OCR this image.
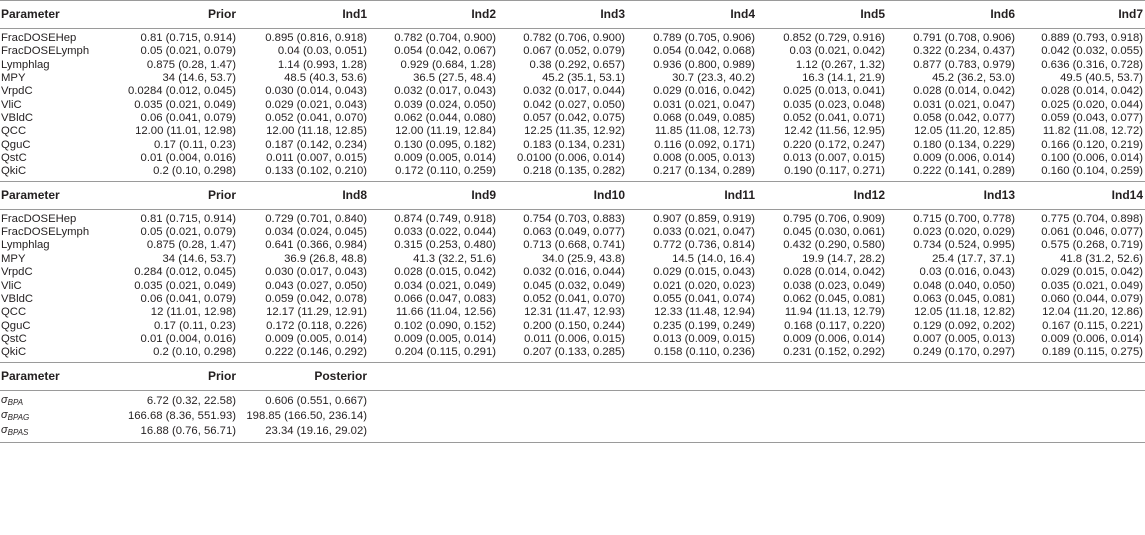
Parameter	Prior	Ind1	Ind2	Ind3	Ind4	Ind5	Ind6	Ind7
FracDOSEHep	0.81 (0.715, 0.914)	0.895 (0.816, 0.918)	0.782 (0.704, 0.900)	0.782 (0.706, 0.900)	0.789 (0.705, 0.906)	0.852 (0.729, 0.916)	0.791 (0.708, 0.906)	0.889 (0.793, 0.918)
FracDOSELymph	0.05 (0.021, 0.079)	0.04 (0.03, 0.051)	0.054 (0.042, 0.067)	0.067 (0.052, 0.079)	0.054 (0.042, 0.068)	0.03 (0.021, 0.042)	0.322 (0.234, 0.437)	0.042 (0.032, 0.055)
Lymphlag	0.875 (0.28, 1.47)	1.14 (0.993, 1.28)	0.929 (0.684, 1.28)	0.38 (0.292, 0.657)	0.936 (0.800, 0.989)	1.12 (0.267, 1.32)	0.877 (0.783, 0.979)	0.636 (0.316, 0.728)
MPY	34 (14.6, 53.7)	48.5 (40.3, 53.6)	36.5 (27.5, 48.4)	45.2 (35.1, 53.1)	30.7 (23.3, 40.2)	16.3 (14.1, 21.9)	45.2 (36.2, 53.0)	49.5 (40.5, 53.7)
VrpdC	0.0284 (0.012, 0.045)	0.030 (0.014, 0.043)	0.032 (0.017, 0.043)	0.032 (0.017, 0.044)	0.029 (0.016, 0.042)	0.025 (0.013, 0.041)	0.028 (0.014, 0.042)	0.028 (0.014, 0.042)
VliC	0.035 (0.021, 0.049)	0.029 (0.021, 0.043)	0.039 (0.024, 0.050)	0.042 (0.027, 0.050)	0.031 (0.021, 0.047)	0.035 (0.023, 0.048)	0.031 (0.021, 0.047)	0.025 (0.020, 0.044)
VBldC	0.06 (0.041, 0.079)	0.052 (0.041, 0.070)	0.062 (0.044, 0.080)	0.057 (0.042, 0.075)	0.068 (0.049, 0.085)	0.052 (0.041, 0.071)	0.058 (0.042, 0.077)	0.059 (0.043, 0.077)
QCC	12.00 (11.01, 12.98)	12.00 (11.18, 12.85)	12.00 (11.19, 12.84)	12.25 (11.35, 12.92)	11.85 (11.08, 12.73)	12.42 (11.56, 12.95)	12.05 (11.20, 12.85)	11.82 (11.08, 12.72)
QguC	0.17 (0.11, 0.23)	0.187 (0.142, 0.234)	0.130 (0.095, 0.182)	0.183 (0.134, 0.231)	0.116 (0.092, 0.171)	0.220 (0.172, 0.247)	0.180 (0.134, 0.229)	0.166 (0.120, 0.219)
QstC	0.01 (0.004, 0.016)	0.011 (0.007, 0.015)	0.009 (0.005, 0.014)	0.0100 (0.006, 0.014)	0.008 (0.005, 0.013)	0.013 (0.007, 0.015)	0.009 (0.006, 0.014)	0.100 (0.006, 0.014)
QkiC	0.2 (0.10, 0.298)	0.133 (0.102, 0.210)	0.172 (0.110, 0.259)	0.218 (0.135, 0.282)	0.217 (0.134, 0.289)	0.190 (0.117, 0.271)	0.222 (0.141, 0.289)	0.160 (0.104, 0.259)
Parameter	Prior	Ind8	Ind9	Ind10	Ind11	Ind12	Ind13	Ind14
FracDOSEHep	0.81 (0.715, 0.914)	0.729 (0.701, 0.840)	0.874 (0.749, 0.918)	0.754 (0.703, 0.883)	0.907 (0.859, 0.919)	0.795 (0.706, 0.909)	0.715 (0.700, 0.778)	0.775 (0.704, 0.898)
FracDOSELymph	0.05 (0.021, 0.079)	0.034 (0.024, 0.045)	0.033 (0.022, 0.044)	0.063 (0.049, 0.077)	0.033 (0.021, 0.047)	0.045 (0.030, 0.061)	0.023 (0.020, 0.029)	0.061 (0.046, 0.077)
Lymphlag	0.875 (0.28, 1.47)	0.641 (0.366, 0.984)	0.315 (0.253, 0.480)	0.713 (0.668, 0.741)	0.772 (0.736, 0.814)	0.432 (0.290, 0.580)	0.734 (0.524, 0.995)	0.575 (0.268, 0.719)
MPY	34 (14.6, 53.7)	36.9 (26.8, 48.8)	41.3 (32.2, 51.6)	34.0 (25.9, 43.8)	14.5 (14.0, 16.4)	19.9 (14.7, 28.2)	25.4 (17.7, 37.1)	41.8 (31.2, 52.6)
VrpdC	0.284 (0.012, 0.045)	0.030 (0.017, 0.043)	0.028 (0.015, 0.042)	0.032 (0.016, 0.044)	0.029 (0.015, 0.043)	0.028 (0.014, 0.042)	0.03 (0.016, 0.043)	0.029 (0.015, 0.042)
VliC	0.035 (0.021, 0.049)	0.043 (0.027, 0.050)	0.034 (0.021, 0.049)	0.045 (0.032, 0.049)	0.021 (0.020, 0.023)	0.038 (0.023, 0.049)	0.048 (0.040, 0.050)	0.035 (0.021, 0.049)
VBldC	0.06 (0.041, 0.079)	0.059 (0.042, 0.078)	0.066 (0.047, 0.083)	0.052 (0.041, 0.070)	0.055 (0.041, 0.074)	0.062 (0.045, 0.081)	0.063 (0.045, 0.081)	0.060 (0.044, 0.079)
QCC	12 (11.01, 12.98)	12.17 (11.29, 12.91)	11.66 (11.04, 12.56)	12.31 (11.47, 12.93)	12.33 (11.48, 12.94)	11.94 (11.13, 12.79)	12.05 (11.18, 12.82)	12.04 (11.20, 12.86)
QguC	0.17 (0.11, 0.23)	0.172 (0.118, 0.226)	0.102 (0.090, 0.152)	0.200 (0.150, 0.244)	0.235 (0.199, 0.249)	0.168 (0.117, 0.220)	0.129 (0.092, 0.202)	0.167 (0.115, 0.221)
QstC	0.01 (0.004, 0.016)	0.009 (0.005, 0.014)	0.009 (0.005, 0.014)	0.011 (0.006, 0.015)	0.013 (0.009, 0.015)	0.009 (0.006, 0.014)	0.007 (0.005, 0.013)	0.009 (0.006, 0.014)
QkiC	0.2 (0.10, 0.298)	0.222 (0.146, 0.292)	0.204 (0.115, 0.291)	0.207 (0.133, 0.285)	0.158 (0.110, 0.236)	0.231 (0.152, 0.292)	0.249 (0.170, 0.297)	0.189 (0.115, 0.275)
Parameter	Prior	Posterior	
$\sigma_{BPA}$	6.72 (0.32, 22.58)	0.606 (0.551, 0.667)	
$\sigma_{BPAG}$	166.68 (8.36, 551.93)	198.85 (166.50, 236.14)	
$\sigma_{BPAS}$	16.88 (0.76, 56.71)	23.34 (19.16, 29.02)	
